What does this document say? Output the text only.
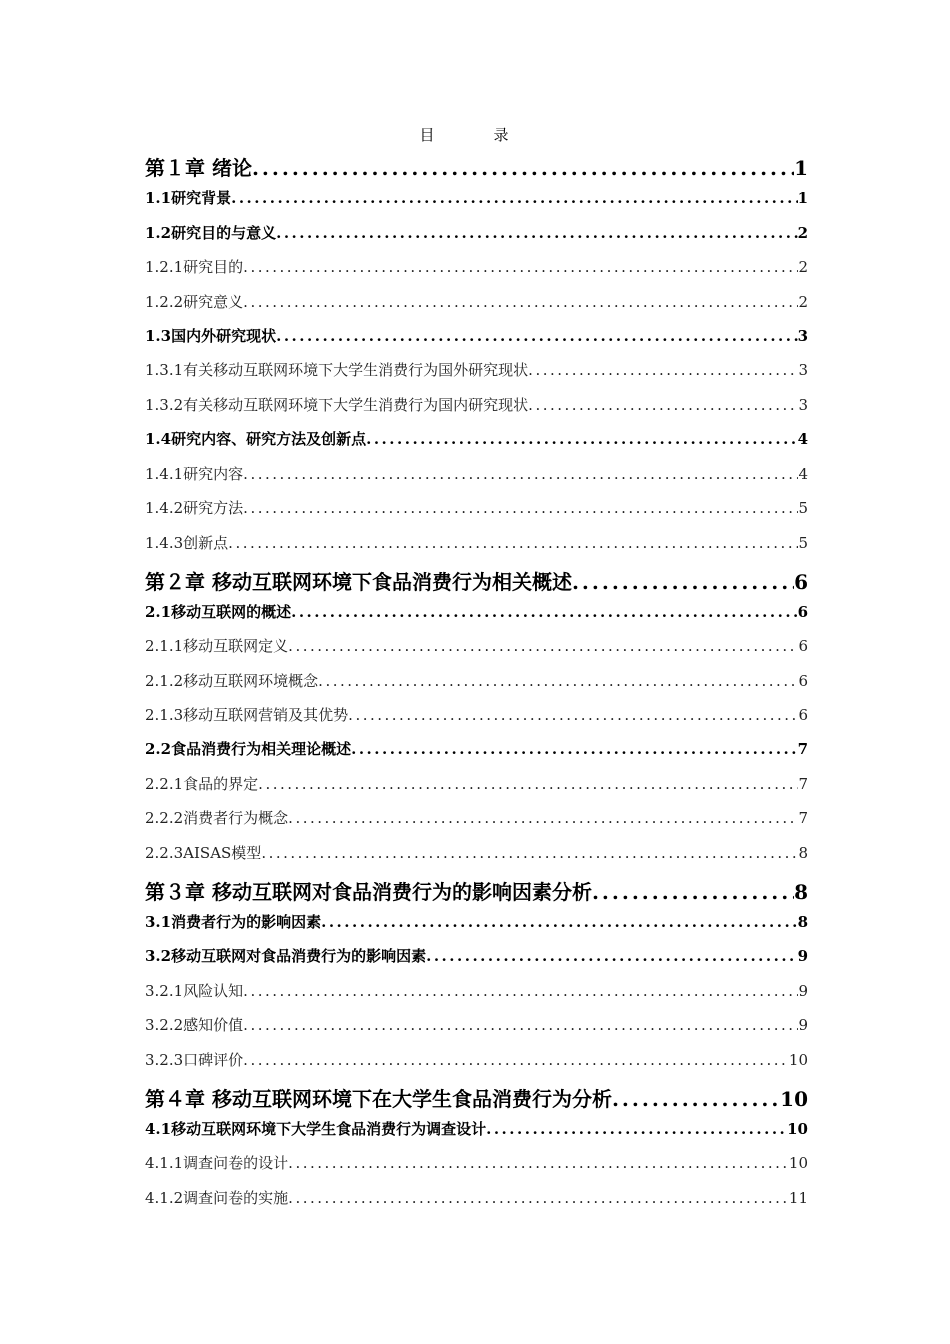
目　录
第１章 绪论 .....	1
1.1研究背景 .....	1
1.2研究目的与意义 .....	2
1.2.1研究目的 .....	2
1.2.2研究意义 .....	2
1.3国内外研究现状 .....	3
1.3.1有关移动互联网环境下大学生消费行为国外研究现状 .....	3
1.3.2有关移动互联网环境下大学生消费行为国内研究现状 .....	3
1.4研究内容、研究方法及创新点 .....	4
1.4.1研究内容 .....	4
1.4.2研究方法 .....	5
1.4.3创新点 .....	5
第２章 移动互联网环境下食品消费行为相关概述 .....	6
2.1移动互联网的概述 .....	6
2.1.1移动互联网定义 .....	6
2.1.2移动互联网环境概念 .....	6
2.1.3移动互联网营销及其优势 .....	6
2.2食品消费行为相关理论概述 .....	7
2.2.1食品的界定 .....	7
2.2.2消费者行为概念 .....	7
2.2.3AISAS模型 .....	8
第３章 移动互联网对食品消费行为的影响因素分析 .....	8
3.1消费者行为的影响因素 .....	8
3.2移动互联网对食品消费行为的影响因素 .....	9
3.2.1风险认知 .....	9
3.2.2感知价值 .....	9
3.2.3口碑评价 .....	10
第４章 移动互联网环境下在大学生食品消费行为分析 .....	10
4.1移动互联网环境下大学生食品消费行为调查设计 .....	10
4.1.1调查问卷的设计 .....	10
4.1.2调查问卷的实施 .....	11
